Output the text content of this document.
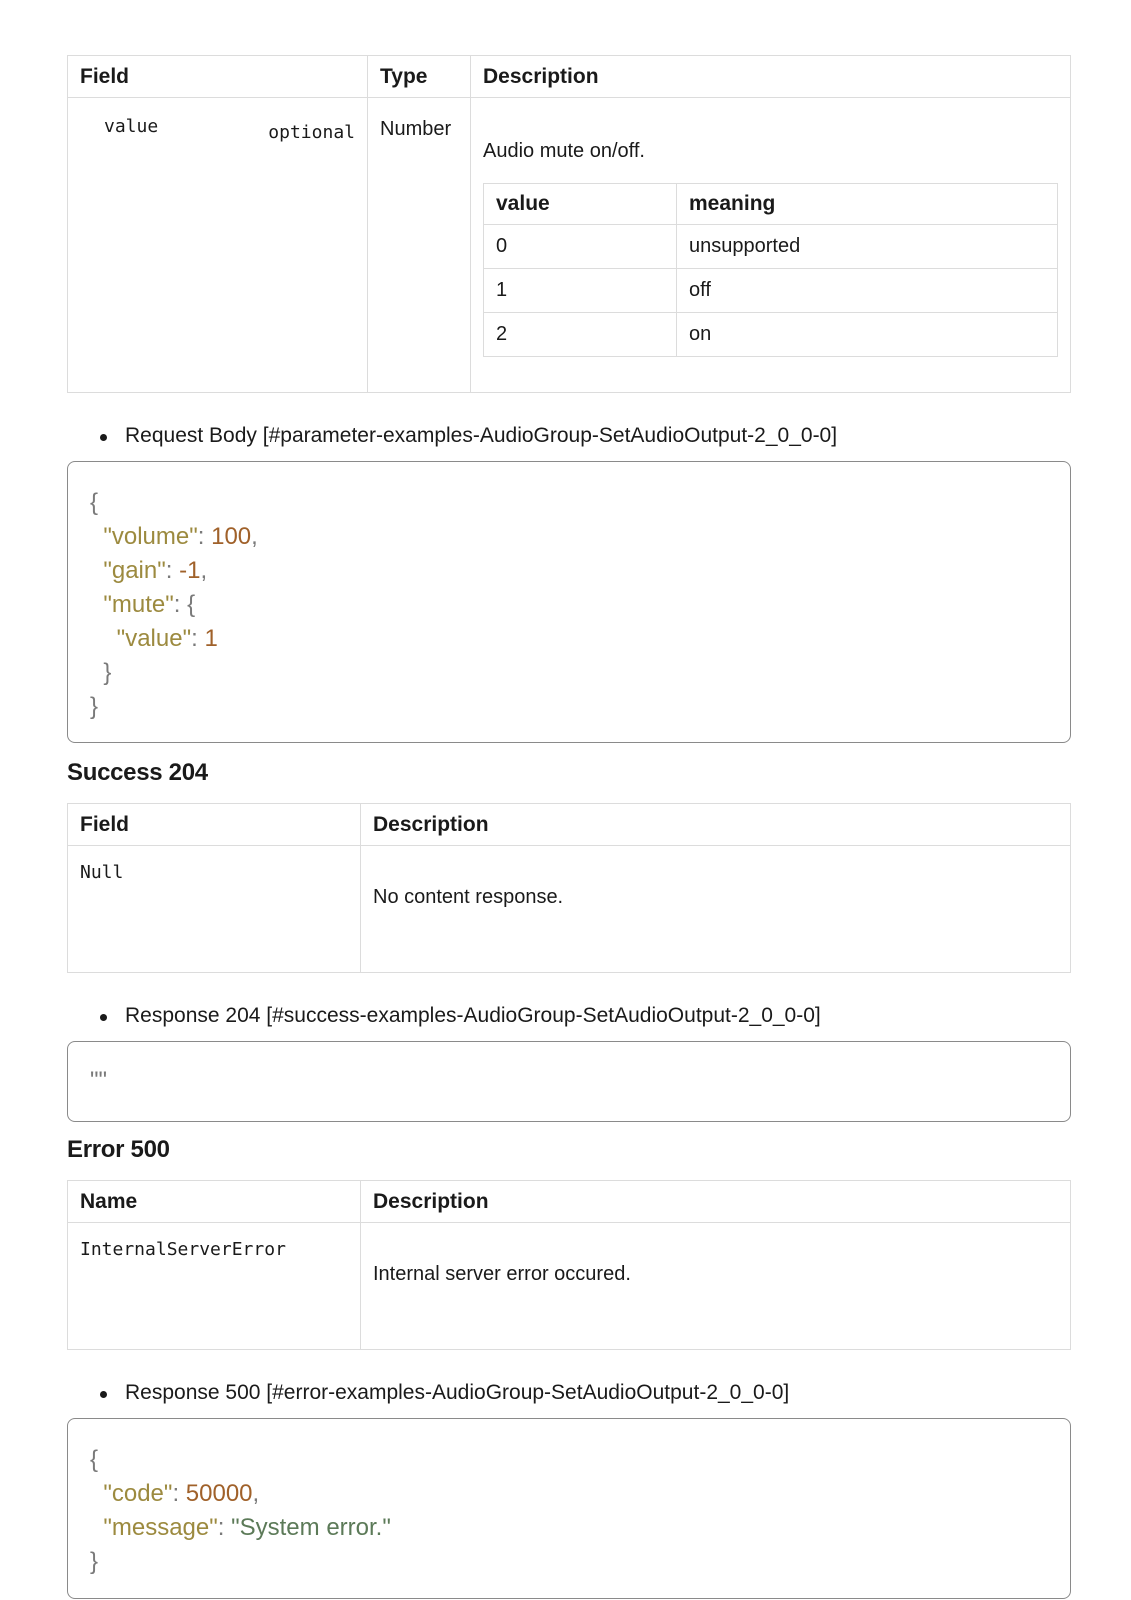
Field	Type	Description

value	optional	Number	
Audio mute on/off.
value	meaning
0	unsupported
1	off
2	on

Request Body [#parameter-examples-AudioGroup-SetAudioOutput-2_0_0-0]

{
"volume": 100,
"gain": -1,
"mute": {
"value": 1
}
}
Success 204
Field	Description
Null	No content response.

Response 204 [#success-examples-AudioGroup-SetAudioOutput-2_0_0-0]

""
Error 500
Name	Description
InternalServerError	Internal server error occured.

Response 500 [#error-examples-AudioGroup-SetAudioOutput-2_0_0-0]

{
"code": 50000,
"message": "System error."
}
